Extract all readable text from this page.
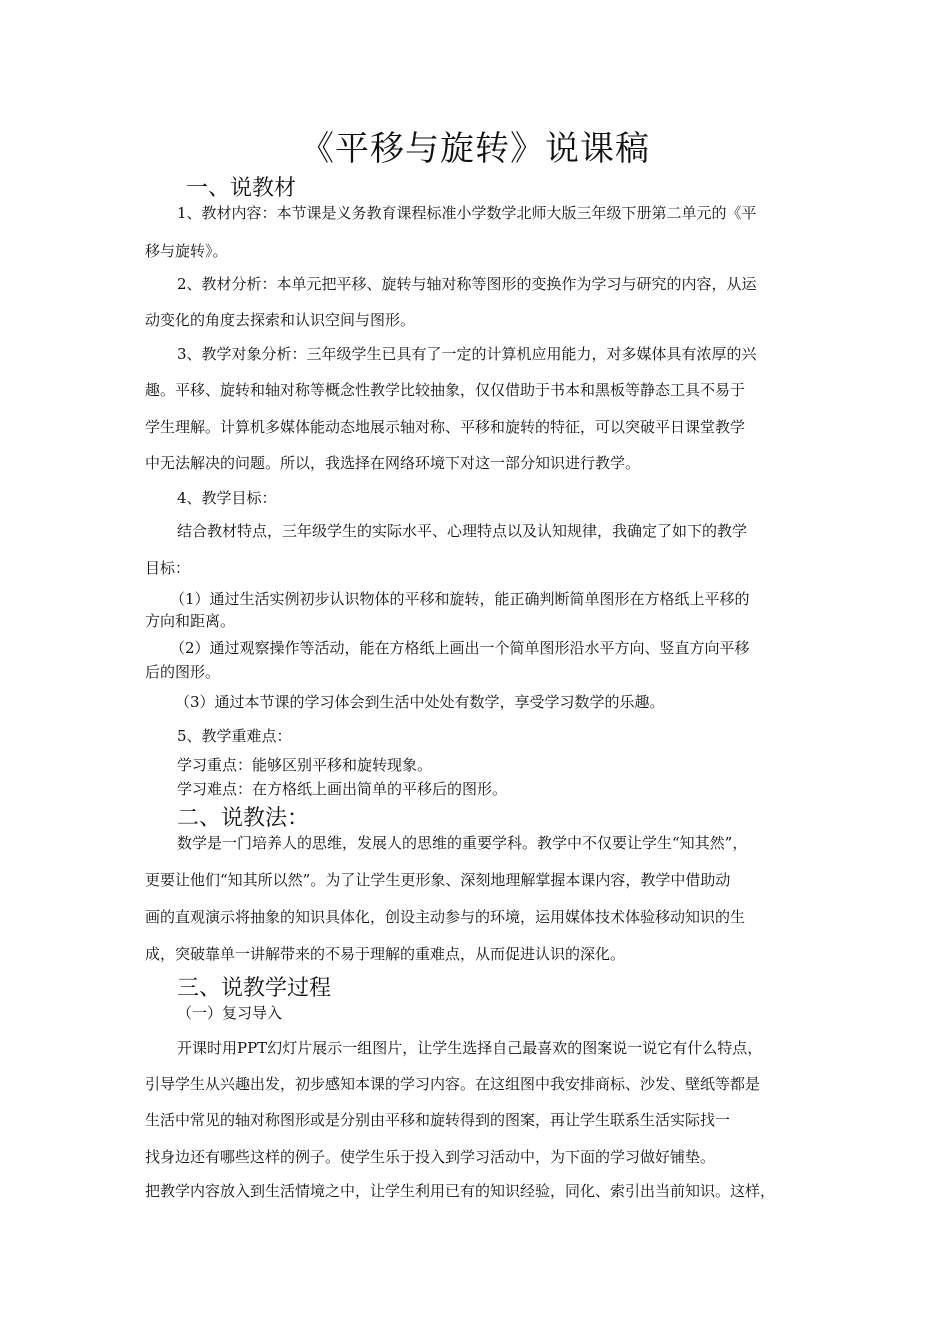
《平移与旋转》说课稿
一、说教材
1、教材内容：本节课是义务教育课程标准小学数学北师大版三年级下册第二单元的《平
移与旋转》。
2、教材分析：本单元把平移、旋转与轴对称等图形的变换作为学习与研究的内容，从运
动变化的角度去探索和认识空间与图形。
3、教学对象分析：三年级学生已具有了一定的计算机应用能力，对多媒体具有浓厚的兴
趣。平移、旋转和轴对称等概念性教学比较抽象，仅仅借助于书本和黑板等静态工具不易于
学生理解。计算机多媒体能动态地展示轴对称、平移和旋转的特征，可以突破平日课堂教学
中无法解决的问题。所以，我选择在网络环境下对这一部分知识进行教学。
4、教学目标：
结合教材特点，三年级学生的实际水平、心理特点以及认知规律，我确定了如下的教学
目标：
（1）通过生活实例初步认识物体的平移和旋转，能正确判断简单图形在方格纸上平移的
方向和距离。
（2）通过观察操作等活动，能在方格纸上画出一个简单图形沿水平方向、竖直方向平移
后的图形。
（3）通过本节课的学习体会到生活中处处有数学，享受学习数学的乐趣。
5、教学重难点：
学习重点：能够区别平移和旋转现象。
学习难点：在方格纸上画出简单的平移后的图形。
二、说教法：
数学是一门培养人的思维，发展人的思维的重要学科。教学中不仅要让学生“知其然”，
更要让他们“知其所以然”。为了让学生更形象、深刻地理解掌握本课内容，教学中借助动
画的直观演示将抽象的知识具体化，创设主动参与的环境，运用媒体技术体验移动知识的生
成，突破靠单一讲解带来的不易于理解的重难点，从而促进认识的深化。
三、说教学过程
（一）复习导入
开课时用PPT幻灯片展示一组图片，让学生选择自己最喜欢的图案说一说它有什么特点，
引导学生从兴趣出发，初步感知本课的学习内容。在这组图中我安排商标、沙发、壁纸等都是
生活中常见的轴对称图形或是分别由平移和旋转得到的图案，再让学生联系生活实际找一
找身边还有哪些这样的例子。使学生乐于投入到学习活动中，为下面的学习做好铺垫。
把教学内容放入到生活情境之中，让学生利用已有的知识经验，同化、索引出当前知识。这样，
